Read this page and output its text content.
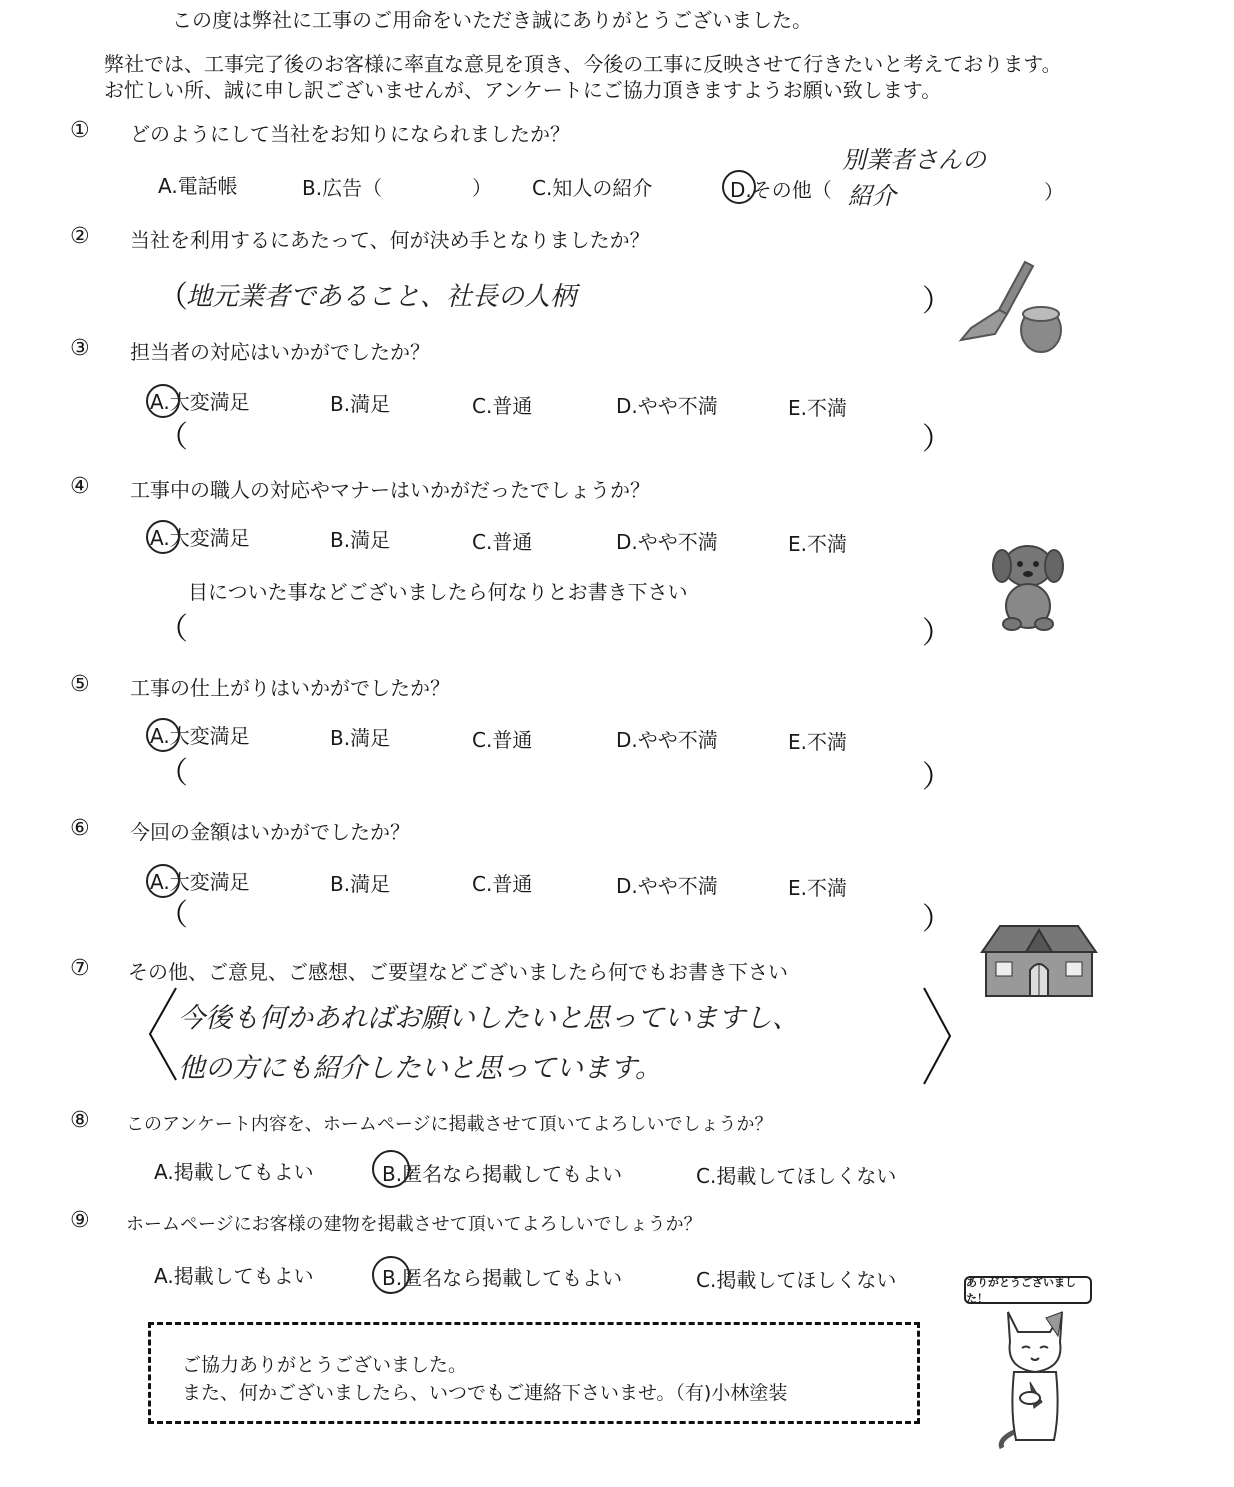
この度は弊社に工事のご用命をいただき誠にありがとうございました。
弊社では、工事完了後のお客様に率直な意見を頂き、今後の工事に反映させて行きたいと考えております。
お忙しい所、誠に申し訳ございませんが、アンケートにご協力頂きますようお願い致します。
① どのようにして当社をお知りになられましたか？
A.電話帳	B.広告（	） C.知人の紹介	D.その他（	）
別業者さんの
紹介
② 当社を利用するにあたって、何が決め手となりましたか？
（
地元業者であること、社長の人柄	）
③ 担当者の対応はいかがでしたか？
A.大変満足	B.満足	C.普通	D.やや不満	E.不満
（	）
④ 工事中の職人の対応やマナーはいかがだったでしょうか？
A.大変満足	B.満足	C.普通	D.やや不満	E.不満
目についた事などございましたら何なりとお書き下さい
（	）
⑤ 工事の仕上がりはいかがでしたか？
A.大変満足	B.満足	C.普通	D.やや不満	E.不満
（	）
⑥ 今回の金額はいかがでしたか？
A.大変満足	B.満足	C.普通	D.やや不満	E.不満
（	）
⑦ その他、ご意見、ご感想、ご要望などございましたら何でもお書き下さい
今後も何かあればお願いしたいと思っていますし、
他の方にも紹介したいと思っています。
⑧ このアンケート内容を、ホームページに掲載させて頂いてよろしいでしょうか？
A.掲載してもよい	B.匿名なら掲載してもよい	C.掲載してほしくない
⑨ ホームページにお客様の建物を掲載させて頂いてよろしいでしょうか？
A.掲載してもよい	B.匿名なら掲載してもよい	C.掲載してほしくない
ご協力ありがとうございました。
また、何かございましたら、いつでもご連絡下さいませ。（有)小林塗装
ありがとうございました！
